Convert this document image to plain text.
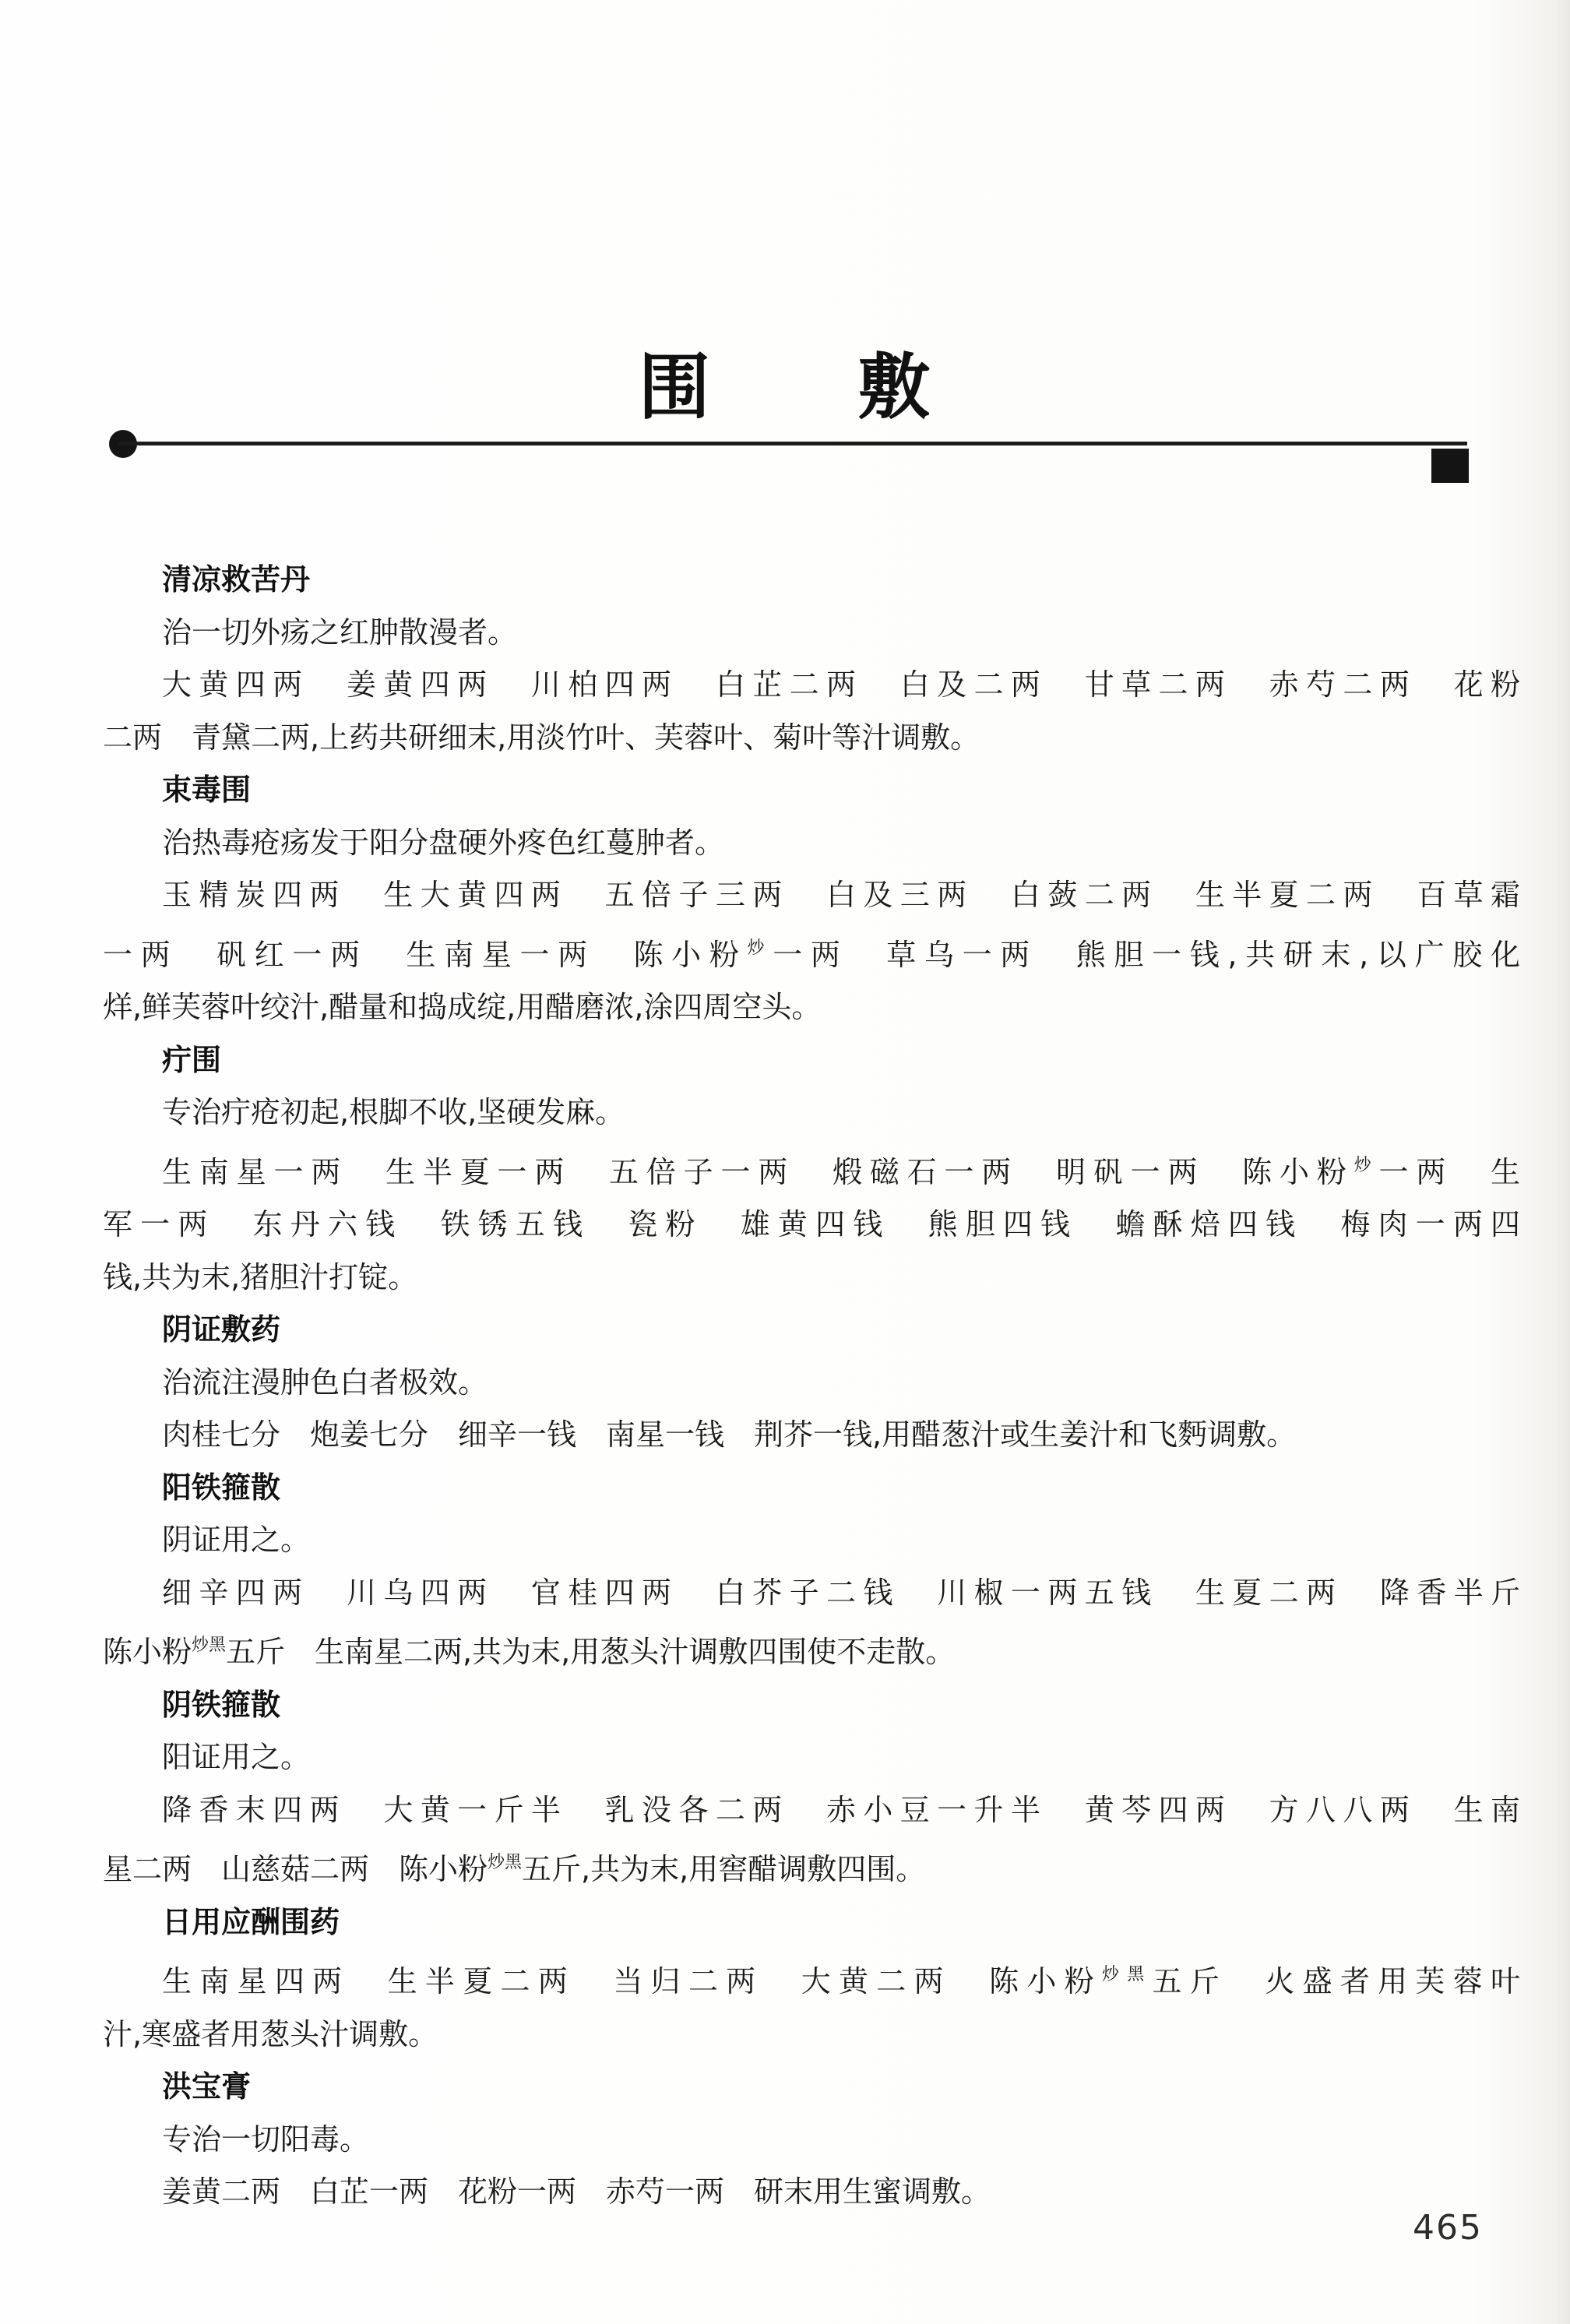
围　　敷
清凉救苦丹

治一切外疡之红肿散漫者。

大黄四两　姜黄四两　川柏四两　白芷二两　白及二两　甘草二两　赤芍二两　花粉

二两　青黛二两,上药共研细末,用淡竹叶、芙蓉叶、菊叶等汁调敷。

束毒围

治热毒疮疡发于阳分盘硬外疼色红蔓肿者。

玉精炭四两　生大黄四两　五倍子三两　白及三两　白蔹二两　生半夏二两　百草霜

一两　矾红一两　生南星一两　陈小粉$^炒$一两　草乌一两　熊胆一钱,共研末,以广胶化

烊,鲜芙蓉叶绞汁,醋量和捣成绽,用醋磨浓,涂四周空头。

疔围

专治疔疮初起,根脚不收,坚硬发麻。

生南星一两　生半夏一两　五倍子一两　煅磁石一两　明矾一两　陈小粉$^炒$一两　生

军一两　东丹六钱　铁锈五钱　瓷粉　雄黄四钱　熊胆四钱　蟾酥焙四钱　梅肉一两四

钱,共为末,猪胆汁打锭。

阴证敷药

治流注漫肿色白者极效。

肉桂七分　炮姜七分　细辛一钱　南星一钱　荆芥一钱,用醋葱汁或生姜汁和飞麪调敷。

阳铁箍散

阴证用之。

细辛四两　川乌四两　官桂四两　白芥子二钱　川椒一两五钱　生夏二两　降香半斤

陈小粉$^{炒黑}$五斤　生南星二两,共为末,用葱头汁调敷四围使不走散。

阴铁箍散

阳证用之。

降香末四两　大黄一斤半　乳没各二两　赤小豆一升半　黄芩四两　方八八两　生南

星二两　山慈菇二两　陈小粉$^{炒黑}$五斤,共为末,用窖醋调敷四围。

日用应酬围药

生南星四两　生半夏二两　当归二两　大黄二两　陈小粉$^{炒黑}$五斤　火盛者用芙蓉叶

汁,寒盛者用葱头汁调敷。

洪宝膏

专治一切阳毒。

姜黄二两　白芷一两　花粉一两　赤芍一两　研末用生蜜调敷。

465
